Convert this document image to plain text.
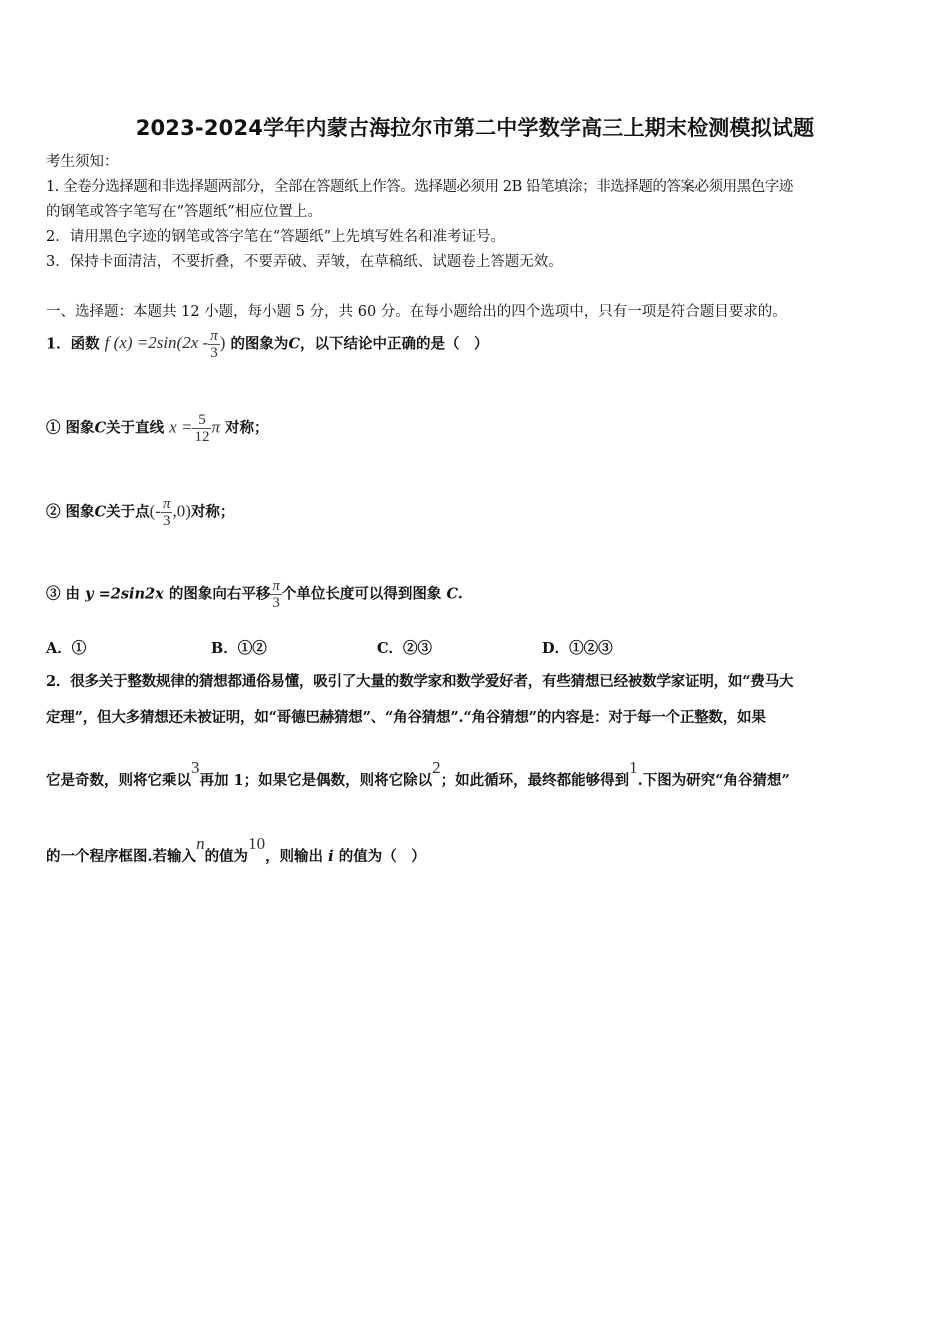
2023-2024学年内蒙古海拉尔市第二中学数学高三上期末检测模拟试题
考生须知：
1. 全卷分选择题和非选择题两部分，全部在答题纸上作答。选择题必须用 2B 铅笔填涂；非选择题的答案必须用黑色字迹
的钢笔或答字笔写在“答题纸”相应位置上。
2．请用黑色字迹的钢笔或答字笔在“答题纸”上先填写姓名和准考证号。
3．保持卡面清洁，不要折叠，不要弄破、弄皱，在草稿纸、试题卷上答题无效。
一、选择题：本题共 12 小题，每小题 5 分，共 60 分。在每小题给出的四个选项中，只有一项是符合题目要求的。
1．函数 f $(x) =2\sin(2x - \frac{\pi}{3}$ ) 的图象为C，以下结论中正确的是（　）
① 图象C关于直线 $x = \frac{5}{12}$ π 对称；
② 图象C关于点(- $\frac{\pi}{3} ,0$)对称；
③ 由 y =2sin2x 的图象向右平移 $\frac{\pi}{3}$ 个单位长度可以得到图象 C.
A．①	B．①②	C．②③	D．①②③
2．很多关于整数规律的猜想都通俗易懂，吸引了大量的数学家和数学爱好者，有些猜想已经被数学家证明，如“费马大
定理”，但大多猜想还未被证明，如“哥德巴赫猜想”、“角谷猜想”.“角谷猜想”的内容是：对于每一个正整数，如果
它是奇数，则将它乘以3再加 1；如果它是偶数，则将它除以2；如此循环，最终都能够得到1.下图为研究“角谷猜想”
的一个程序框图.若输入n的值为10，则输出 i 的值为（　）
